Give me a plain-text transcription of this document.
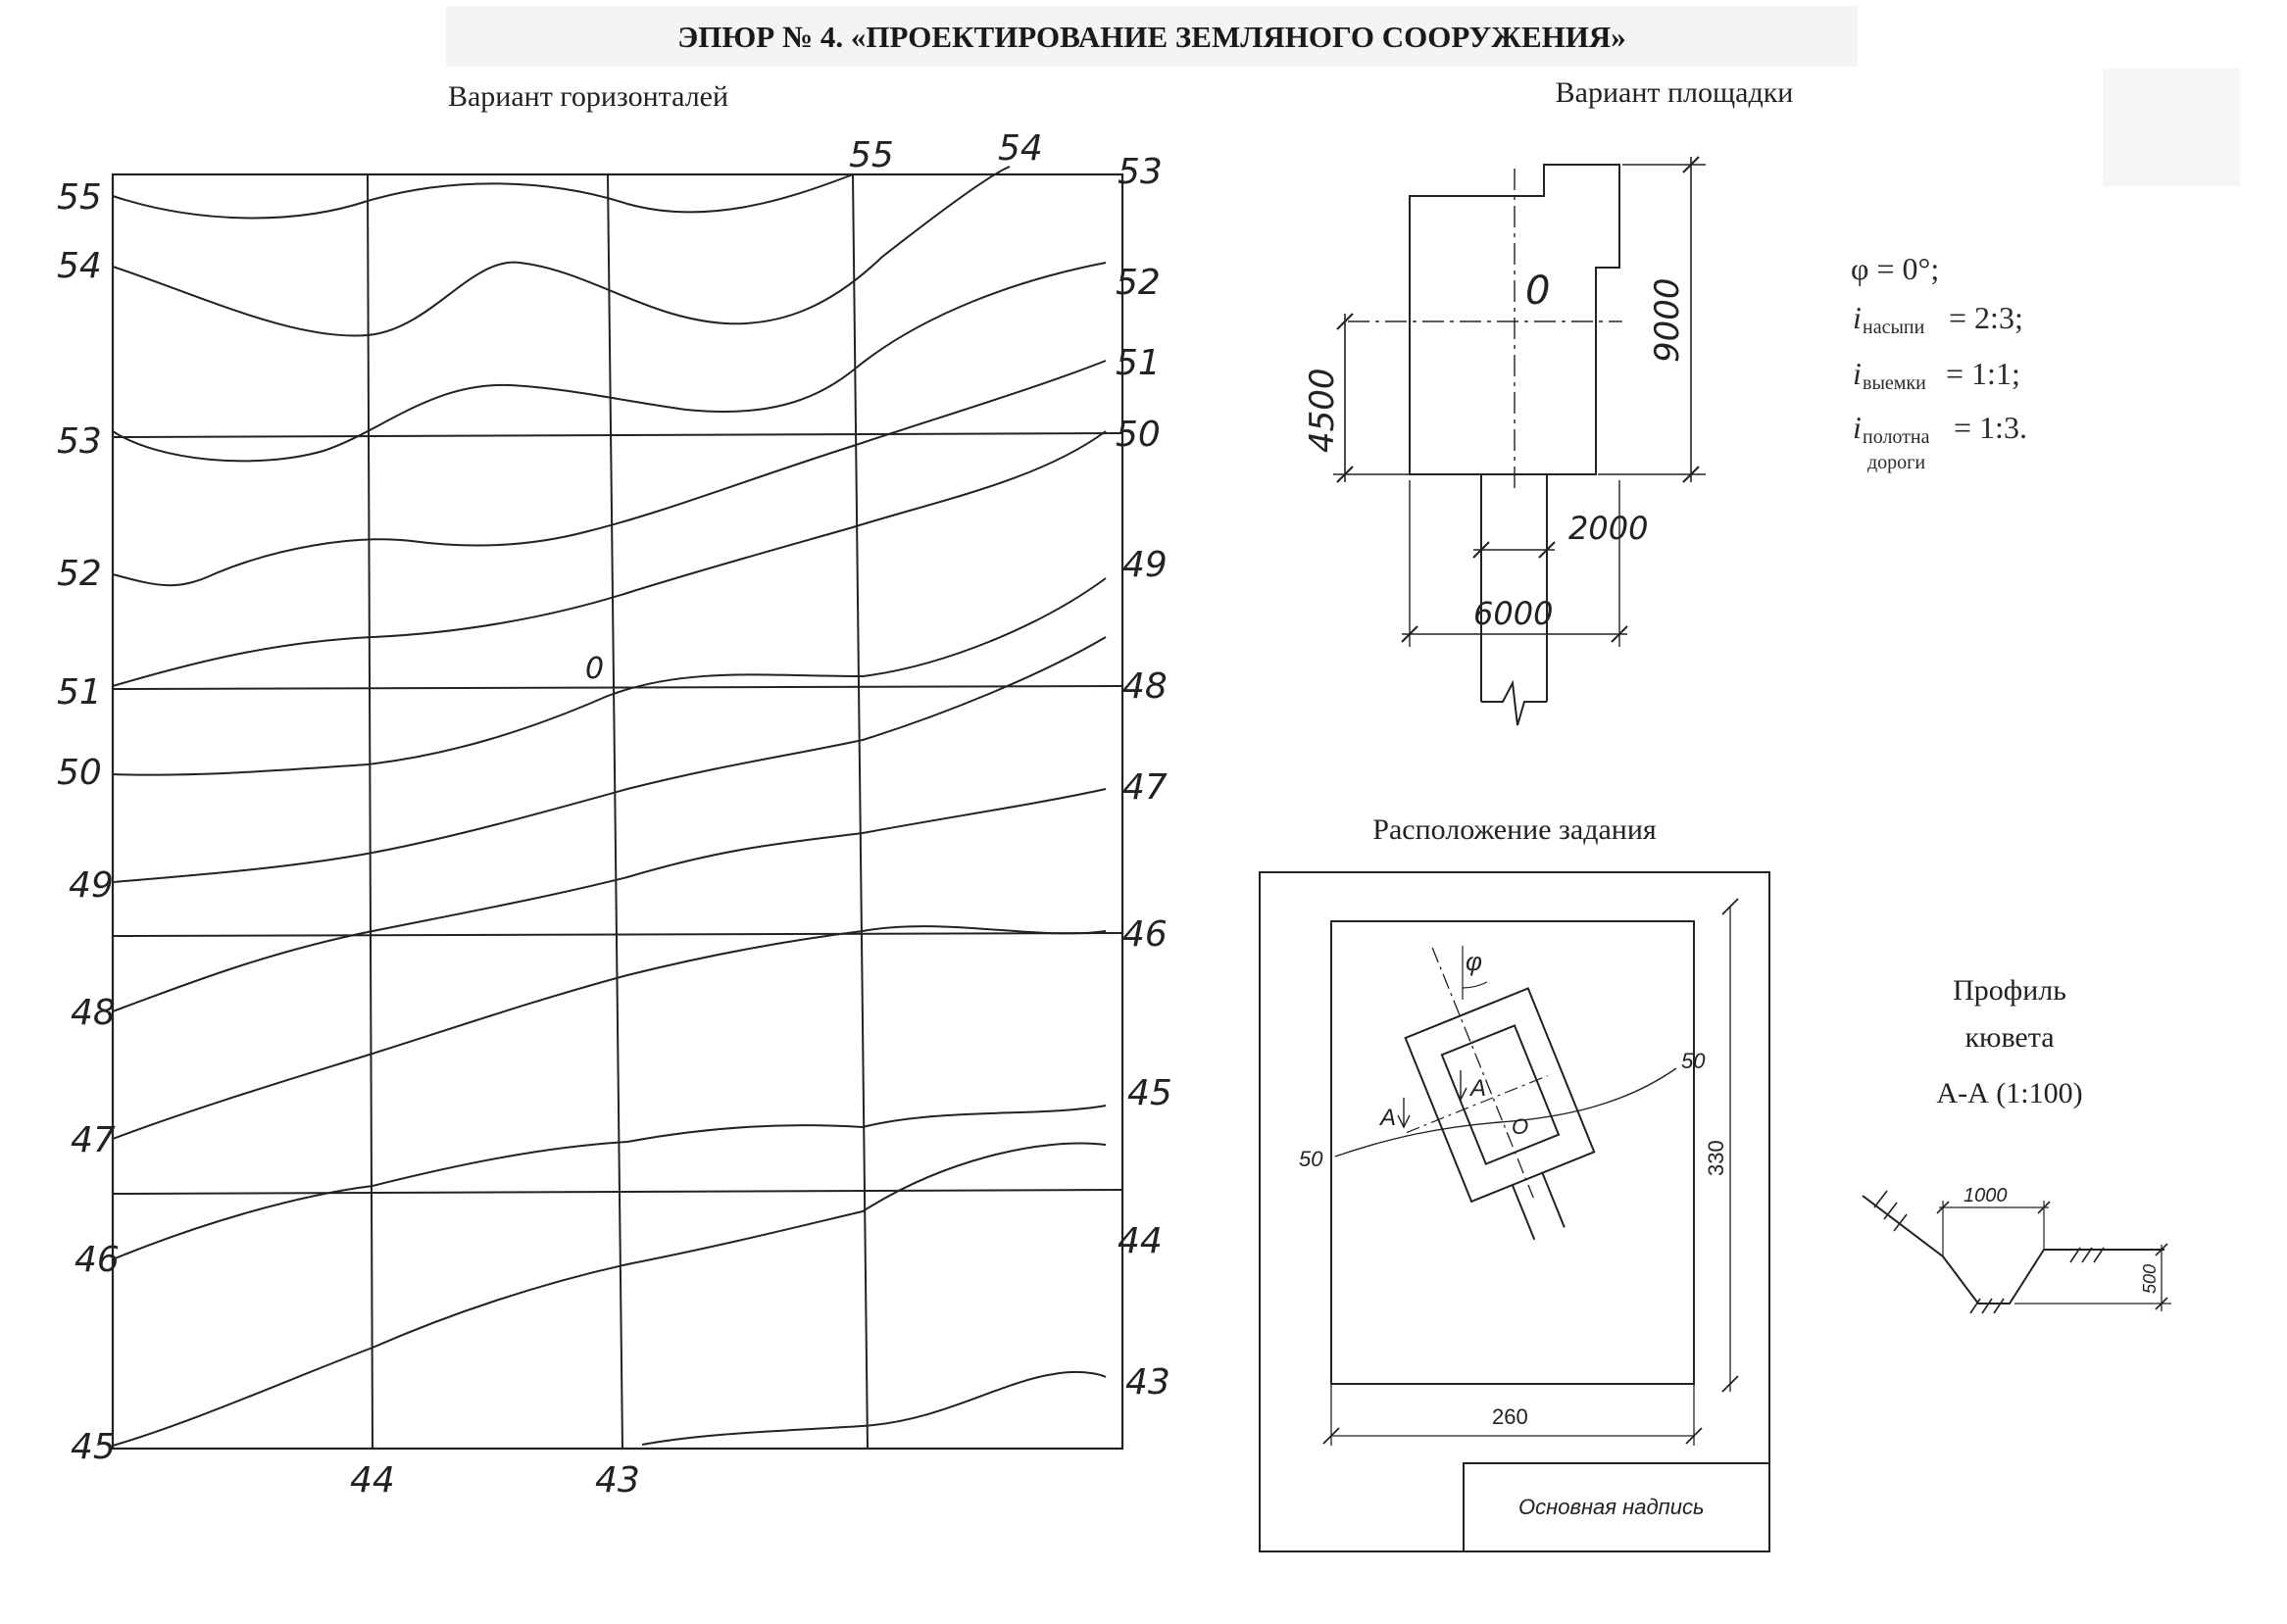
ЭПЮР № 4. «ПРОЕКТИРОВАНИЕ ЗЕМЛЯНОГО СООРУЖЕНИЯ»
Вариант горизонталей
55
54
53
52
51
50
49
48
47
46
45
53
52
51
50
49
48
47
46
45
44
43
55	54
44	43
0
Вариант площадки
0	9000
4500
2000
6000
φ = 0°;
i насыпи = 2:3;
i выемки = 1:1;
i полотна
дороги
= 1:3.
Расположение задания
φ
A
A
O
50
50
330
260
Основная надпись
Профиль
кювета
А-А (1:100)
1000
500
